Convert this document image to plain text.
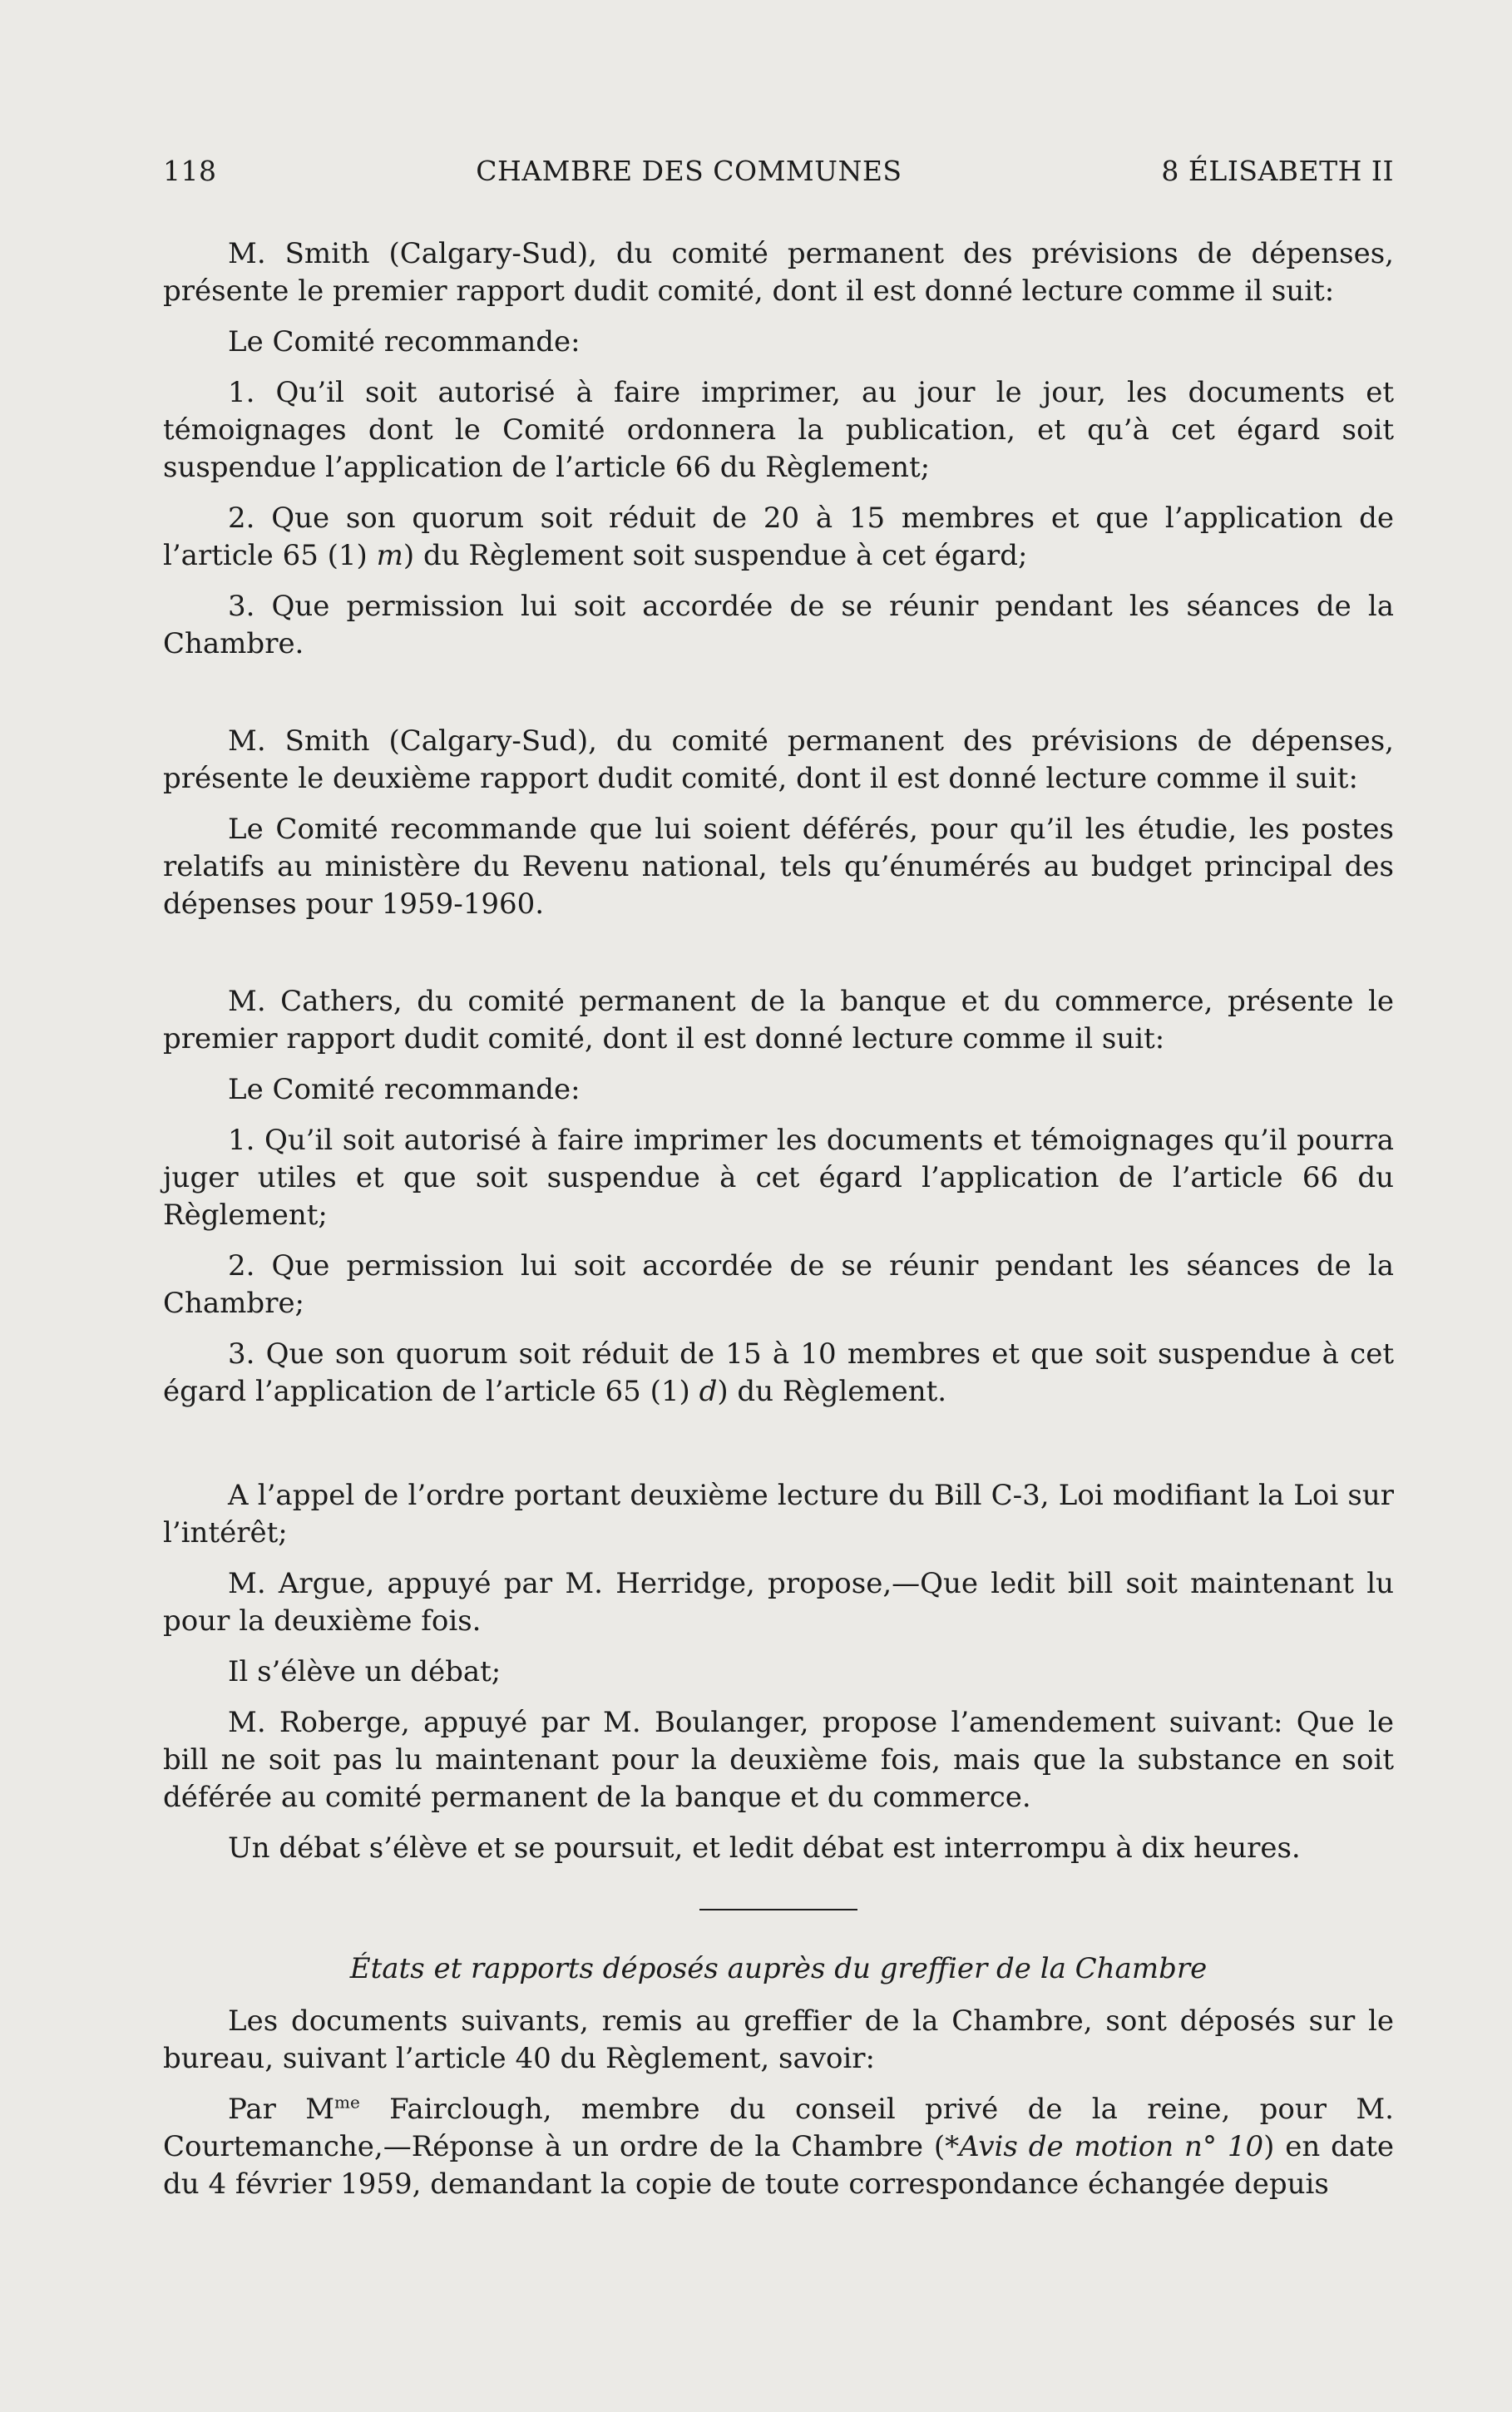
118	CHAMBRE DES COMMUNES	8 ÉLISABETH II

M. Smith (Calgary-Sud), du comité permanent des prévisions de dépenses, présente le premier rapport dudit comité, dont il est donné lecture comme il suit:

Le Comité recommande:

1. Qu’il soit autorisé à faire imprimer, au jour le jour, les documents et témoignages dont le Comité ordonnera la publication, et qu’à cet égard soit suspendue l’application de l’article 66 du Règlement;

2. Que son quorum soit réduit de 20 à 15 membres et que l’application de l’article 65 (1) m) du Règlement soit suspendue à cet égard;

3. Que permission lui soit accordée de se réunir pendant les séances de la Chambre.

M. Smith (Calgary-Sud), du comité permanent des prévisions de dépenses, présente le deuxième rapport dudit comité, dont il est donné lecture comme il suit:

Le Comité recommande que lui soient déférés, pour qu’il les étudie, les postes relatifs au ministère du Revenu national, tels qu’énumérés au budget principal des dépenses pour 1959-1960.

M. Cathers, du comité permanent de la banque et du commerce, présente le premier rapport dudit comité, dont il est donné lecture comme il suit:

Le Comité recommande:

1. Qu’il soit autorisé à faire imprimer les documents et témoignages qu’il pourra juger utiles et que soit suspendue à cet égard l’application de l’article 66 du Règlement;

2. Que permission lui soit accordée de se réunir pendant les séances de la Chambre;

3. Que son quorum soit réduit de 15 à 10 membres et que soit suspendue à cet égard l’application de l’article 65 (1) d) du Règlement.

A l’appel de l’ordre portant deuxième lecture du Bill C-3, Loi modifiant la Loi sur l’intérêt;

M. Argue, appuyé par M. Herridge, propose,—Que ledit bill soit maintenant lu pour la deuxième fois.

Il s’élève un débat;

M. Roberge, appuyé par M. Boulanger, propose l’amendement suivant: Que le bill ne soit pas lu maintenant pour la deuxième fois, mais que la substance en soit déférée au comité permanent de la banque et du commerce.

Un débat s’élève et se poursuit, et ledit débat est interrompu à dix heures.

États et rapports déposés auprès du greffier de la Chambre

Les documents suivants, remis au greffier de la Chambre, sont déposés sur le bureau, suivant l’article 40 du Règlement, savoir:

Par $M^{me}$ Fairclough, membre du conseil privé de la reine, pour M. Courtemanche,—Réponse à un ordre de la Chambre (*Avis de motion n° 10) en date du 4 février 1959, demandant la copie de toute correspondance échangée depuis
